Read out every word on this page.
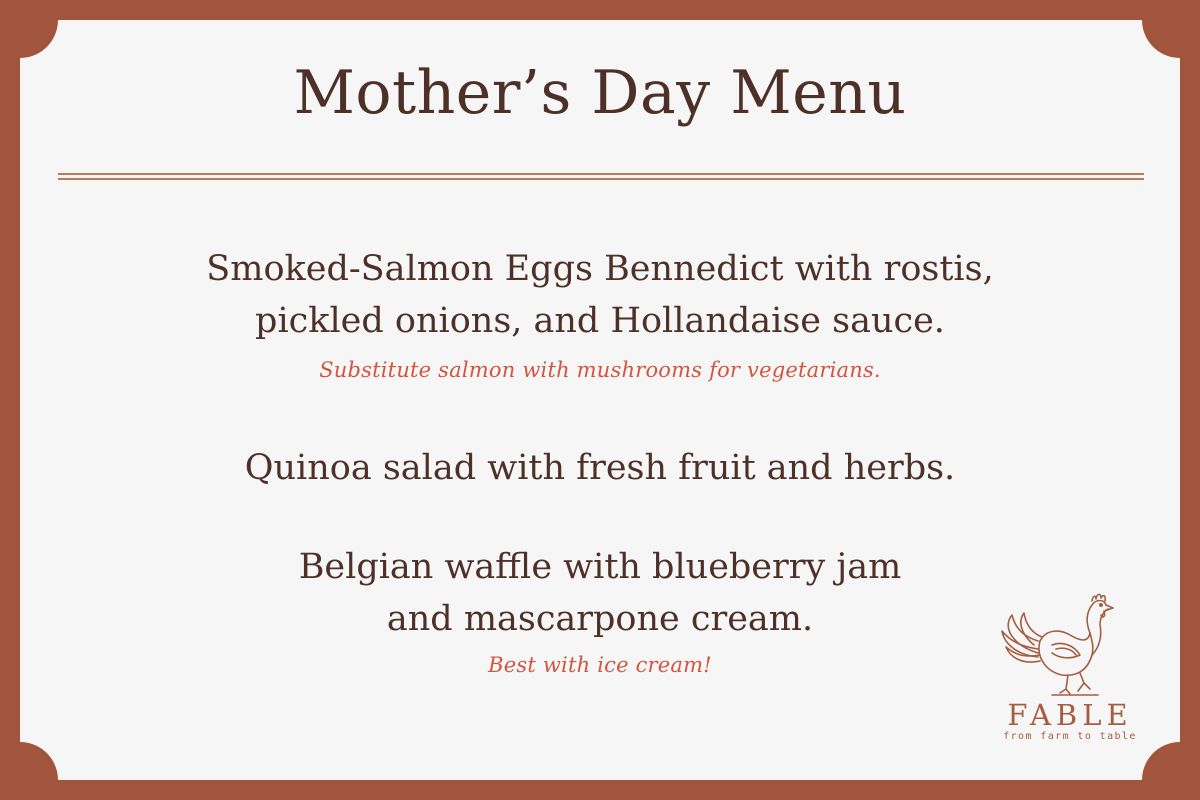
Mother’s Day Menu
Smoked-Salmon Eggs Bennedict with rostis,
pickled onions, and Hollandaise sauce.
Substitute salmon with mushrooms for vegetarians.
Quinoa salad with fresh fruit and herbs.
Belgian waffle with blueberry jam
and mascarpone cream.
Best with ice cream!
FABLE
from farm to table
